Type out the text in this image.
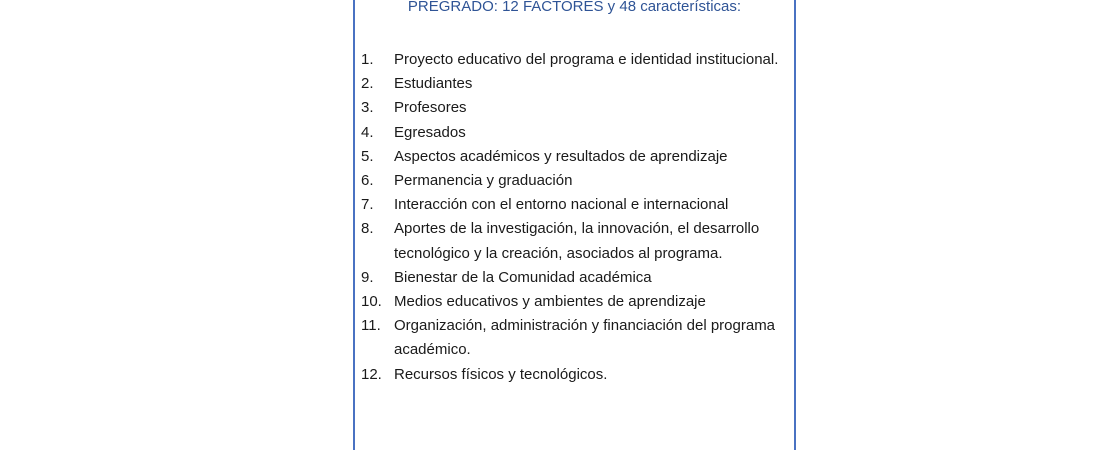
PREGRADO: 12 FACTORES y 48 características:
1.	Proyecto educativo del programa e identidad institucional.
2.	Estudiantes
3.	Profesores
4.	Egresados
5.	Aspectos académicos y resultados de aprendizaje
6.	Permanencia y graduación
7.	Interacción con el entorno nacional e internacional
8.	Aportes de la investigación, la innovación, el desarrollo tecnológico y la creación, asociados al programa.
9.	Bienestar de la Comunidad académica
10. Medios educativos y ambientes de aprendizaje
11. Organización, administración y financiación del programa académico.
12. Recursos físicos y tecnológicos.
